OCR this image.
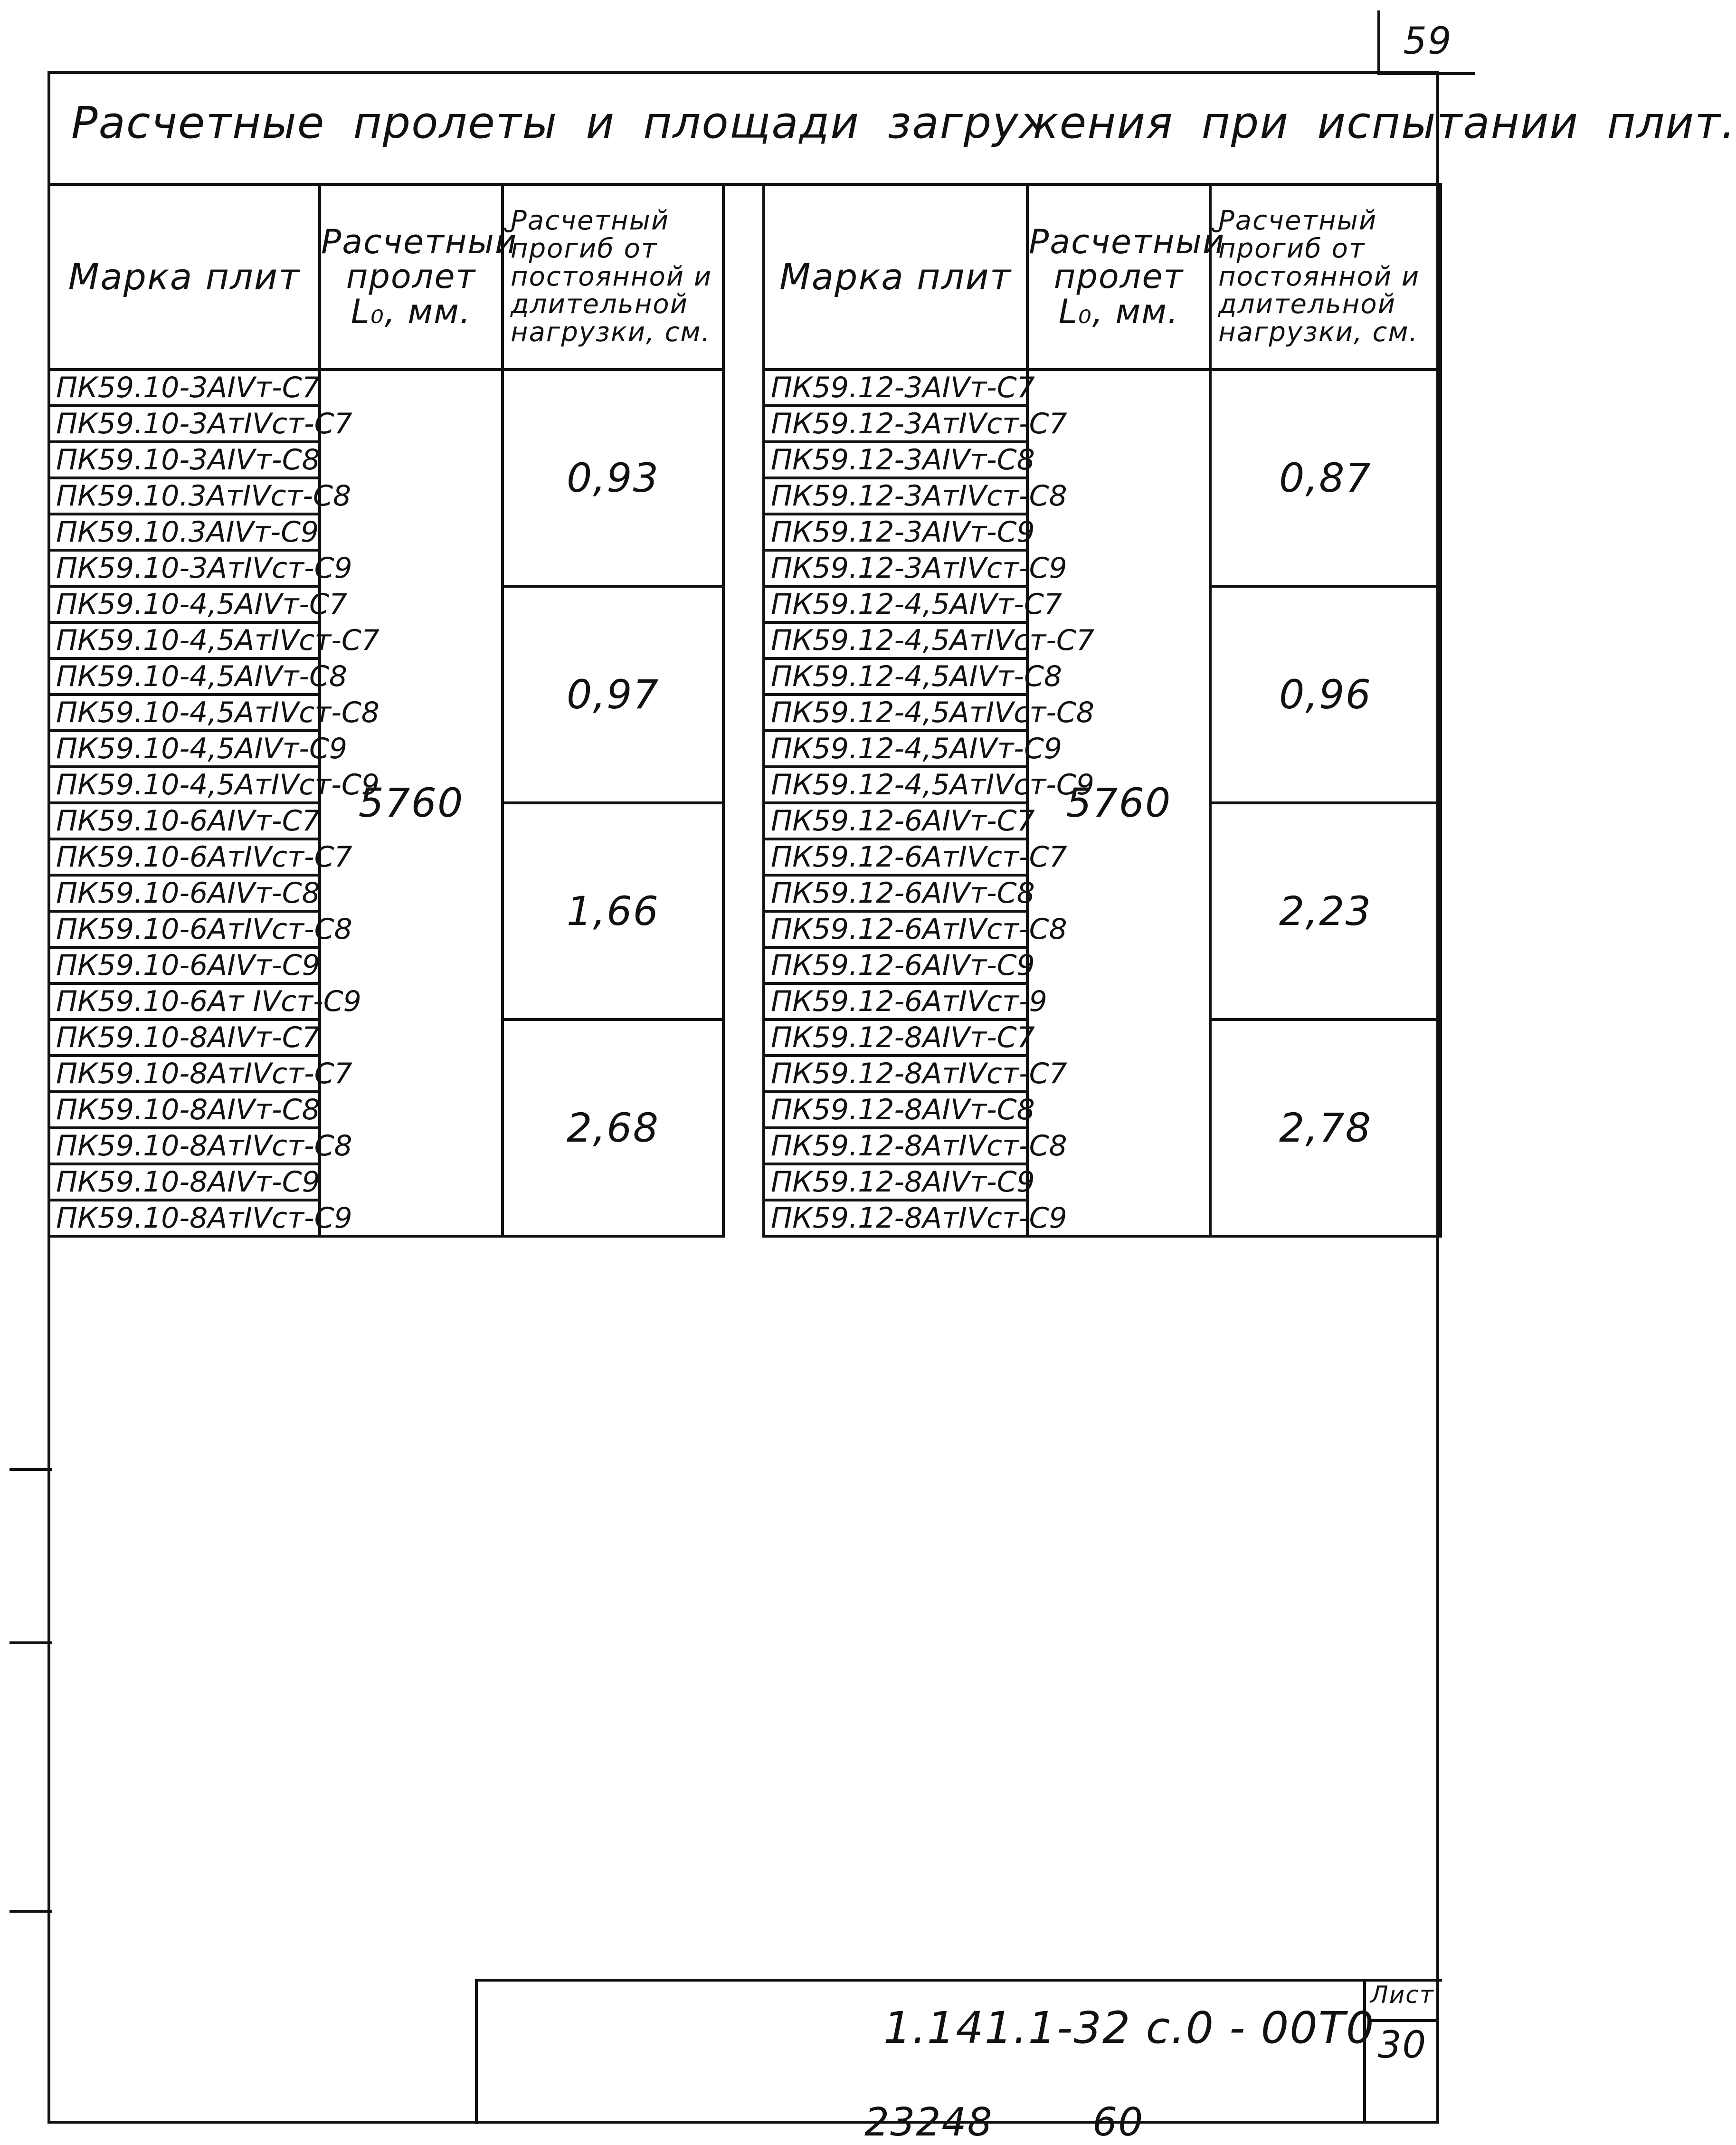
59
Расчетные пролеты и площади загружения при испытании плит.
Марка плит	Расчетный пролет L₀, мм.	Расчетный прогиб от постоянной и длительной нагрузки, см.
ПК59.10-3АIVт-С7	5760	0,93
ПК59.10-3АтIVст-С7		
ПК59.10-3АIVт-С8		
ПК59.10.3АтIVст-С8		
ПК59.10.3АIVт-С9		
ПК59.10-3АтIVст-С9		
ПК59.10-4,5АIVт-С7		0,97
ПК59.10-4,5АтIVст-С7		
ПК59.10-4,5АIVт-С8		
ПК59.10-4,5АтIVст-С8		
ПК59.10-4,5АIVт-С9		
ПК59.10-4,5АтIVст-С9		
ПК59.10-6АIVт-С7		1,66
ПК59.10-6АтIVст-С7		
ПК59.10-6АIVт-С8		
ПК59.10-6АтIVст-С8		
ПК59.10-6АIVт-С9		
ПК59.10-6Ат IVст-С9		
ПК59.10-8АIVт-С7		2,68
ПК59.10-8АтIVст-С7		
ПК59.10-8АIVт-С8		
ПК59.10-8АтIVст-С8		
ПК59.10-8АIVт-С9		
ПК59.10-8АтIVст-С9		
Марка плит	Расчетный пролет L₀, мм.	Расчетный прогиб от постоянной и длительной нагрузки, см.
ПК59.12-3АIVт-С7	5760	0,87
ПК59.12-3АтIVст-С7		
ПК59.12-3АIVт-С8		
ПК59.12-3АтIVст-С8		
ПК59.12-3АIVт-С9		
ПК59.12-3АтIVст-С9		
ПК59.12-4,5АIVт-С7		0,96
ПК59.12-4,5АтIVст-С7		
ПК59.12-4,5АIVт-С8		
ПК59.12-4,5АтIVст-С8		
ПК59.12-4,5АIVт-С9		
ПК59.12-4,5АтIVст-С9		
ПК59.12-6АIVт-С7		2,23
ПК59.12-6АтIVст-С7		
ПК59.12-6АIVт-С8		
ПК59.12-6АтIVст-С8		
ПК59.12-6АIVт-С9		
ПК59.12-6АтIVст-9		
ПК59.12-8АIVт-С7		2,78
ПК59.12-8АтIVст-С7		
ПК59.12-8АIVт-С8		
ПК59.12-8АтIVст-С8		
ПК59.12-8АIVт-С9		
ПК59.12-8АтIVст-С9		
1.141.1-32 с.0 - 00Т0
Лист
30
23248	60
